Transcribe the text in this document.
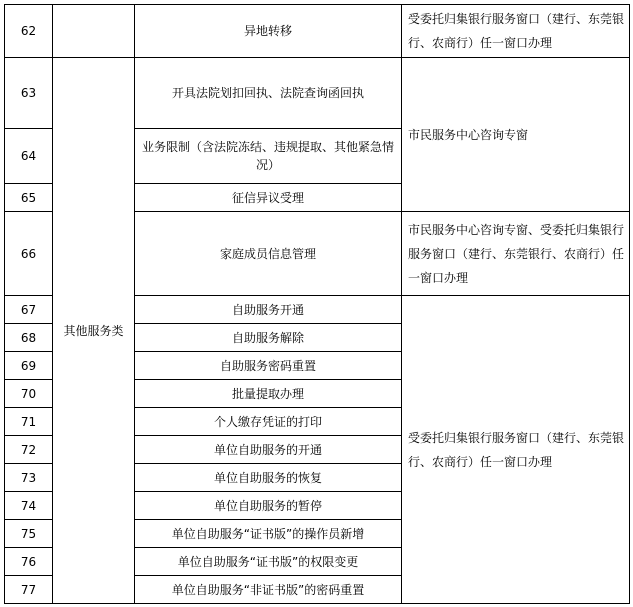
62		异地转移	受委托归集银行服务窗口（建行、东莞银行、农商行）任一窗口办理
63	其他服务类	开具法院划扣回执、法院查询函回执	市民服务中心咨询专窗
64		业务限制（含法院冻结、违规提取、其他紧急情况）	
65		征信异议受理	
66		家庭成员信息管理	市民服务中心咨询专窗、受委托归集银行服务窗口（建行、东莞银行、农商行）任一窗口办理
67		自助服务开通	受委托归集银行服务窗口（建行、东莞银行、农商行）任一窗口办理
68		自助服务解除	
69		自助服务密码重置	
70		批量提取办理	
71		个人缴存凭证的打印	
72		单位自助服务的开通	
73		单位自助服务的恢复	
74		单位自助服务的暂停	
75		单位自助服务“证书版”的操作员新增	
76		单位自助服务“证书版”的权限变更	
77		单位自助服务“非证书版”的密码重置	
